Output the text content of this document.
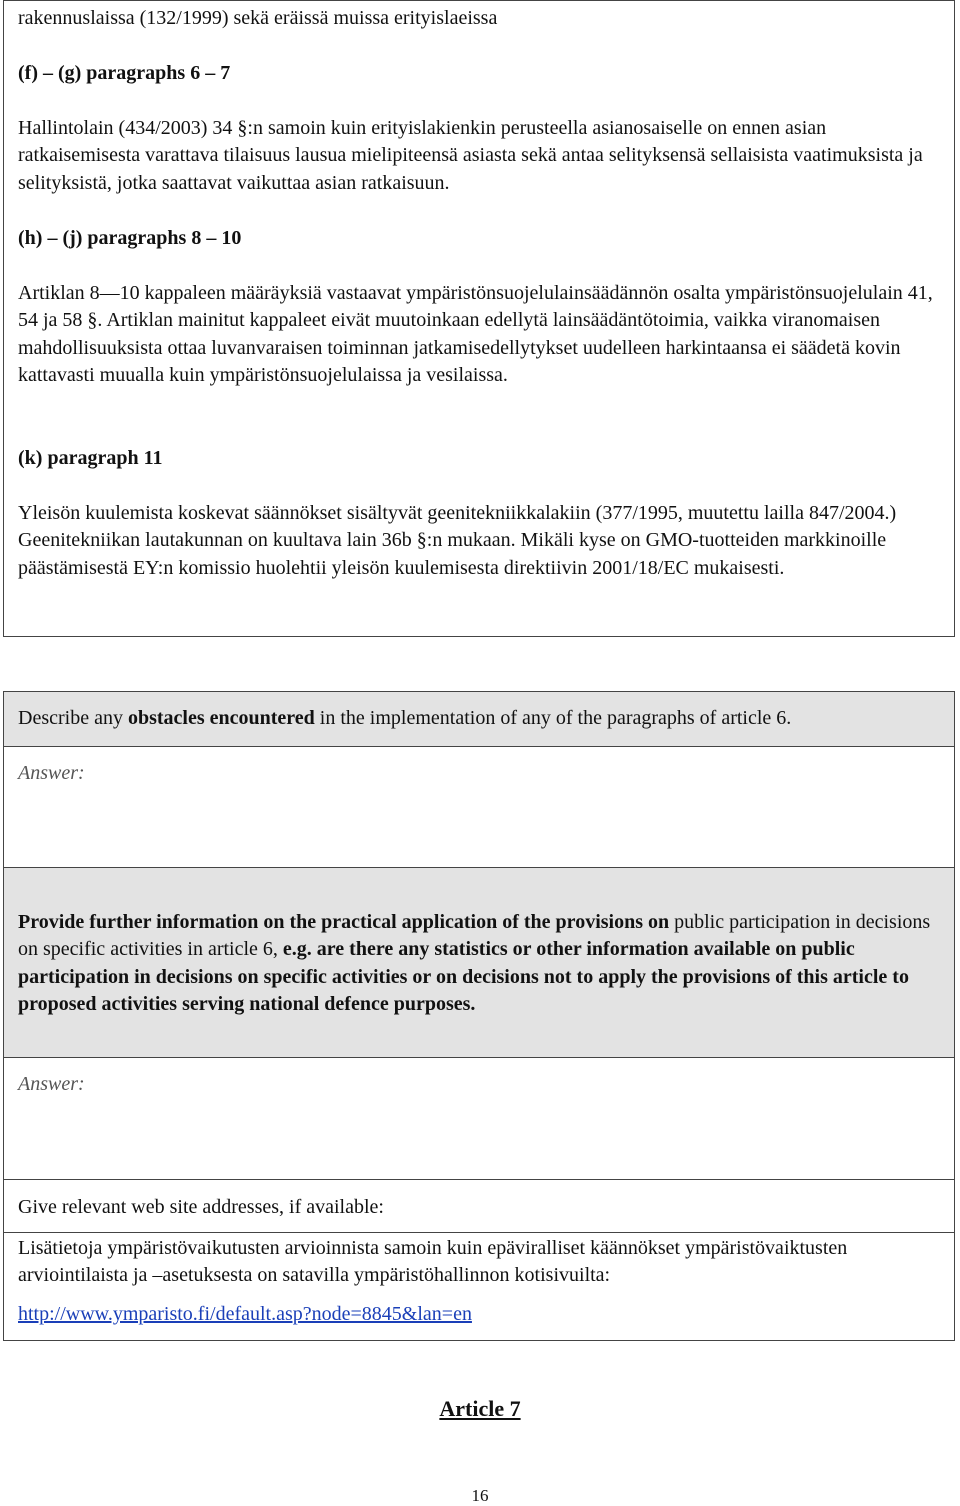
rakennuslaissa (132/1999) sekä eräissä muissa erityislaeissa

(f) – (g) paragraphs 6 – 7

Hallintolain (434/2003) 34 §:n samoin kuin erityislakienkin perusteella asianosaiselle on ennen asian ratkaisemisesta varattava tilaisuus lausua mielipiteensä asiasta sekä antaa selityksensä sellaisista vaatimuksista ja selityksistä, jotka saattavat vaikuttaa asian ratkaisuun.

(h) – (j) paragraphs 8 – 10

Artiklan 8—10 kappaleen määräyksiä vastaavat ympäristönsuojelulainsäädännön osalta ympäristönsuojelulain 41, 54 ja 58 §. Artiklan mainitut kappaleet eivät muutoinkaan edellytä lainsäädäntötoimia, vaikka viranomaisen mahdollisuuksista ottaa luvanvaraisen toiminnan jatkamisedellytykset uudelleen harkintaansa ei säädetä kovin kattavasti muualla kuin ympäristönsuojelulaissa ja vesilaissa.

(k) paragraph 11

Yleisön kuulemista koskevat säännökset sisältyvät geenitekniikkalakiin (377/1995, muutettu lailla 847/2004.) Geenitekniikan lautakunnan on kuultava lain 36b §:n mukaan. Mikäli kyse on GMO-tuotteiden markkinoille päästämisestä EY:n komissio huolehtii yleisön kuulemisesta direktiivin 2001/18/EC mukaisesti.

Describe any obstacles encountered in the implementation of any of the paragraphs of article 6.

Answer:

Provide further information on the practical application of the provisions on public participation in decisions on specific activities in article 6, e.g. are there any statistics or other information available on public participation in decisions on specific activities or on decisions not to apply the provisions of this article to proposed activities serving national defence purposes.

Answer:

Give relevant web site addresses, if available:

Lisätietoja ympäristövaikutusten arvioinnista samoin kuin epäviralliset käännökset ympäristövaiktusten arviointilaista ja –asetuksesta on satavilla ympäristöhallinnon kotisivuilta:

http://www.ymparisto.fi/default.asp?node=8845&lan=en

Article 7

16
